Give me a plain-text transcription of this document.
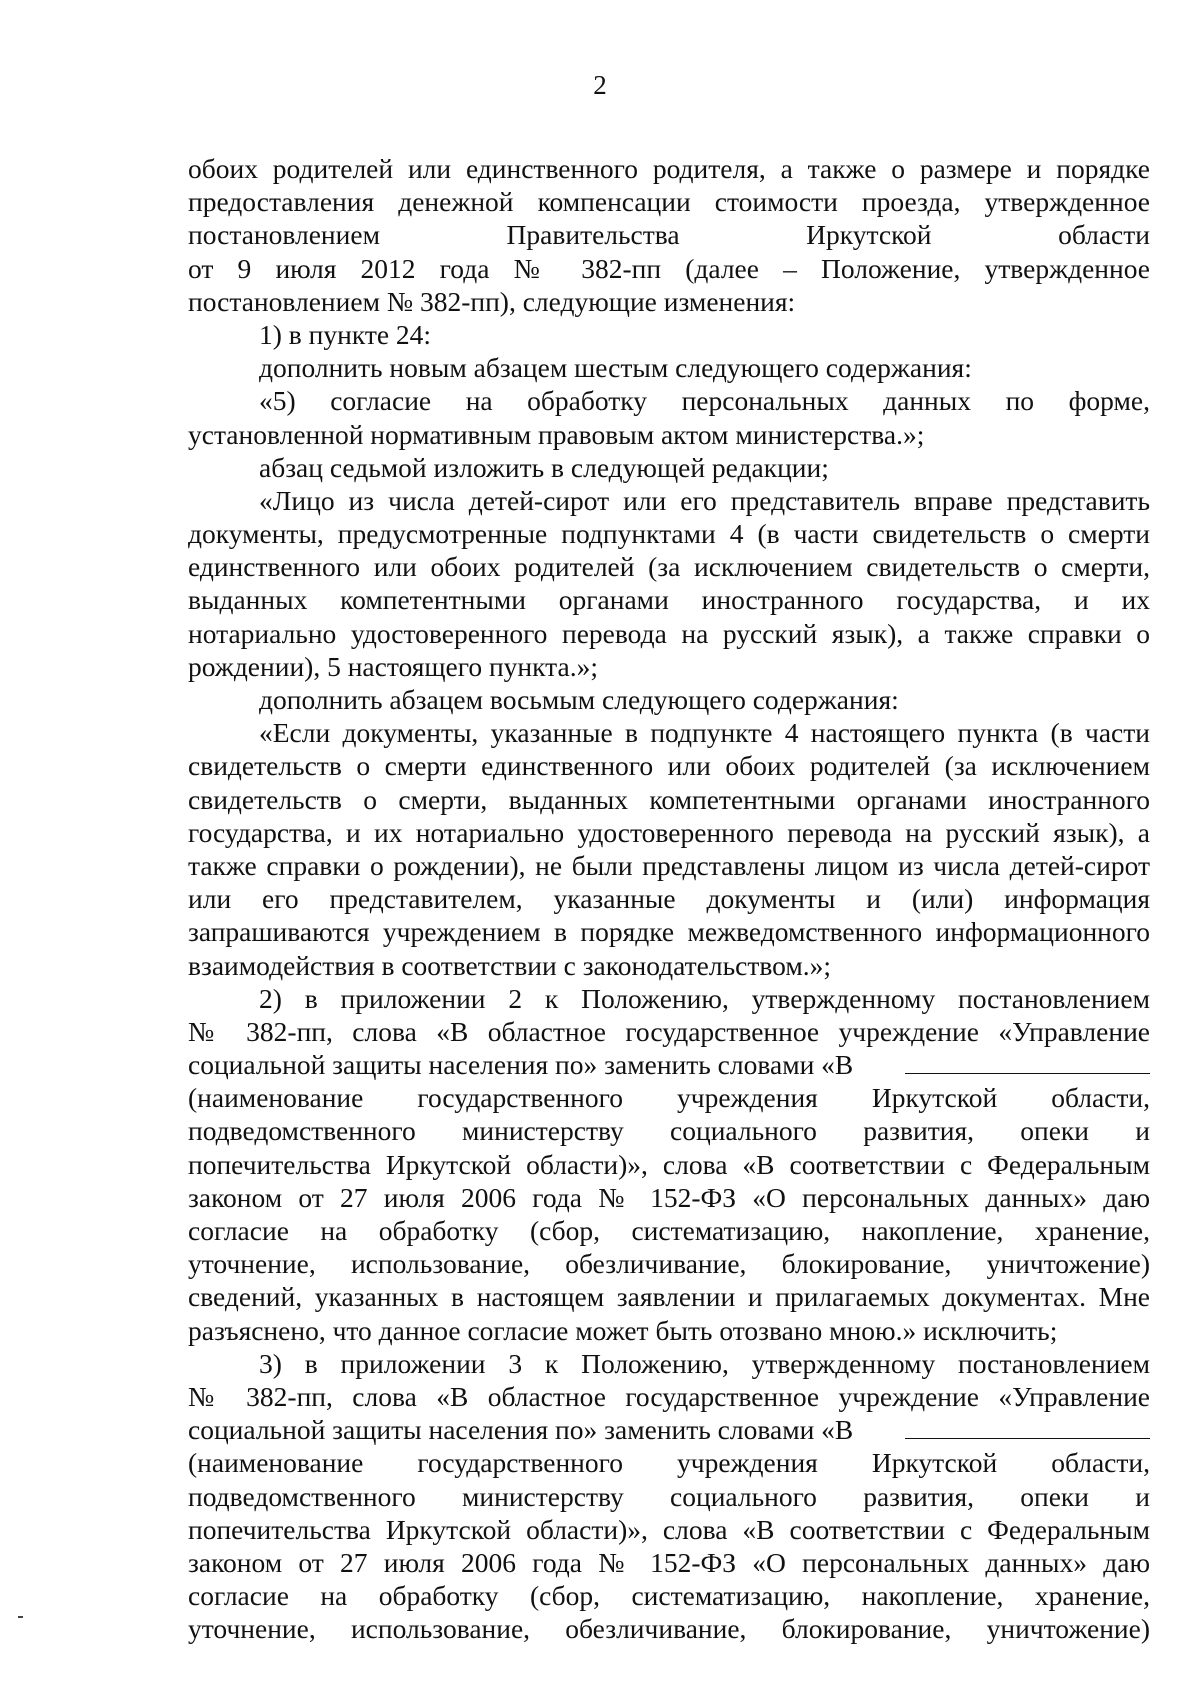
2
обоих родителей или единственного родителя, а также о размере и порядке
предоставления денежной компенсации стоимости проезда, утвержденное
постановлением Правительства Иркутской области
от 9 июля 2012 года № 382-пп (далее – Положение, утвержденное
постановлением № 382-пп), следующие изменения:
1) в пункте 24:
дополнить новым абзацем шестым следующего содержания:
«5) согласие на обработку персональных данных по форме,
установленной нормативным правовым актом министерства.»;
абзац седьмой изложить в следующей редакции;
«Лицо из числа детей-сирот или его представитель вправе представить
документы, предусмотренные подпунктами 4 (в части свидетельств о смерти
единственного или обоих родителей (за исключением свидетельств о смерти,
выданных компетентными органами иностранного государства, и их
нотариально удостоверенного перевода на русский язык), а также справки о
рождении), 5 настоящего пункта.»;
дополнить абзацем восьмым следующего содержания:
«Если документы, указанные в подпункте 4 настоящего пункта (в части
свидетельств о смерти единственного или обоих родителей (за исключением
свидетельств о смерти, выданных компетентными органами иностранного
государства, и их нотариально удостоверенного перевода на русский язык), а
также справки о рождении), не были представлены лицом из числа детей-сирот
или его представителем, указанные документы и (или) информация
запрашиваются учреждением в порядке межведомственного информационного
взаимодействия в соответствии с законодательством.»;
2) в приложении 2 к Положению, утвержденному постановлением
№ 382-пп, слова «В областное государственное учреждение «Управление
социальной защиты населения по» заменить словами «В
(наименование государственного учреждения Иркутской области,
подведомственного министерству социального развития, опеки и
попечительства Иркутской области)», слова «В соответствии с Федеральным
законом от 27 июля 2006 года № 152-ФЗ «О персональных данных» даю
согласие на обработку (сбор, систематизацию, накопление, хранение,
уточнение, использование, обезличивание, блокирование, уничтожение)
сведений, указанных в настоящем заявлении и прилагаемых документах. Мне
разъяснено, что данное согласие может быть отозвано мною.» исключить;
3) в приложении 3 к Положению, утвержденному постановлением
№ 382-пп, слова «В областное государственное учреждение «Управление
социальной защиты населения по» заменить словами «В
(наименование государственного учреждения Иркутской области,
подведомственного министерству социального развития, опеки и
попечительства Иркутской области)», слова «В соответствии с Федеральным
законом от 27 июля 2006 года № 152-ФЗ «О персональных данных» даю
согласие на обработку (сбор, систематизацию, накопление, хранение,
уточнение, использование, обезличивание, блокирование, уничтожение)
